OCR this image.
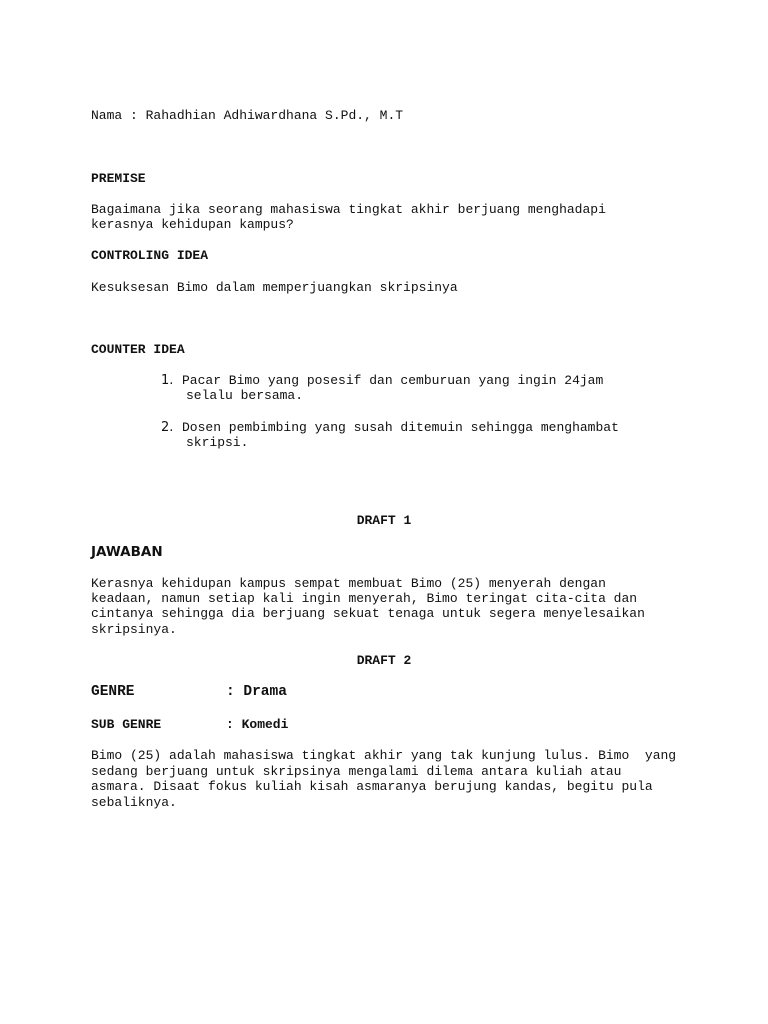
Nama : Rahadhian Adhiwardhana S.Pd., M.T

PREMISE

Bagaimana jika seorang mahasiswa tingkat akhir berjuang menghadapi

kerasnya kehidupan kampus?

CONTROLING IDEA

Kesuksesan Bimo dalam memperjuangkan skripsinya

COUNTER IDEA

1. Pacar Bimo yang posesif dan cemburuan yang ingin 24jam

selalu bersama.

2. Dosen pembimbing yang susah ditemuin sehingga menghambat

skripsi.

DRAFT 1

JAWABAN

Kerasnya kehidupan kampus sempat membuat Bimo (25) menyerah dengan

keadaan, namun setiap kali ingin menyerah, Bimo teringat cita-cita dan

cintanya sehingga dia berjuang sekuat tenaga untuk segera menyelesaikan

skripsinya.

DRAFT 2

GENRE	: Drama

SUB GENRE	: Komedi

Bimo (25) adalah mahasiswa tingkat akhir yang tak kunjung lulus. Bimo  yang

sedang berjuang untuk skripsinya mengalami dilema antara kuliah atau

asmara. Disaat fokus kuliah kisah asmaranya berujung kandas, begitu pula

sebaliknya.
